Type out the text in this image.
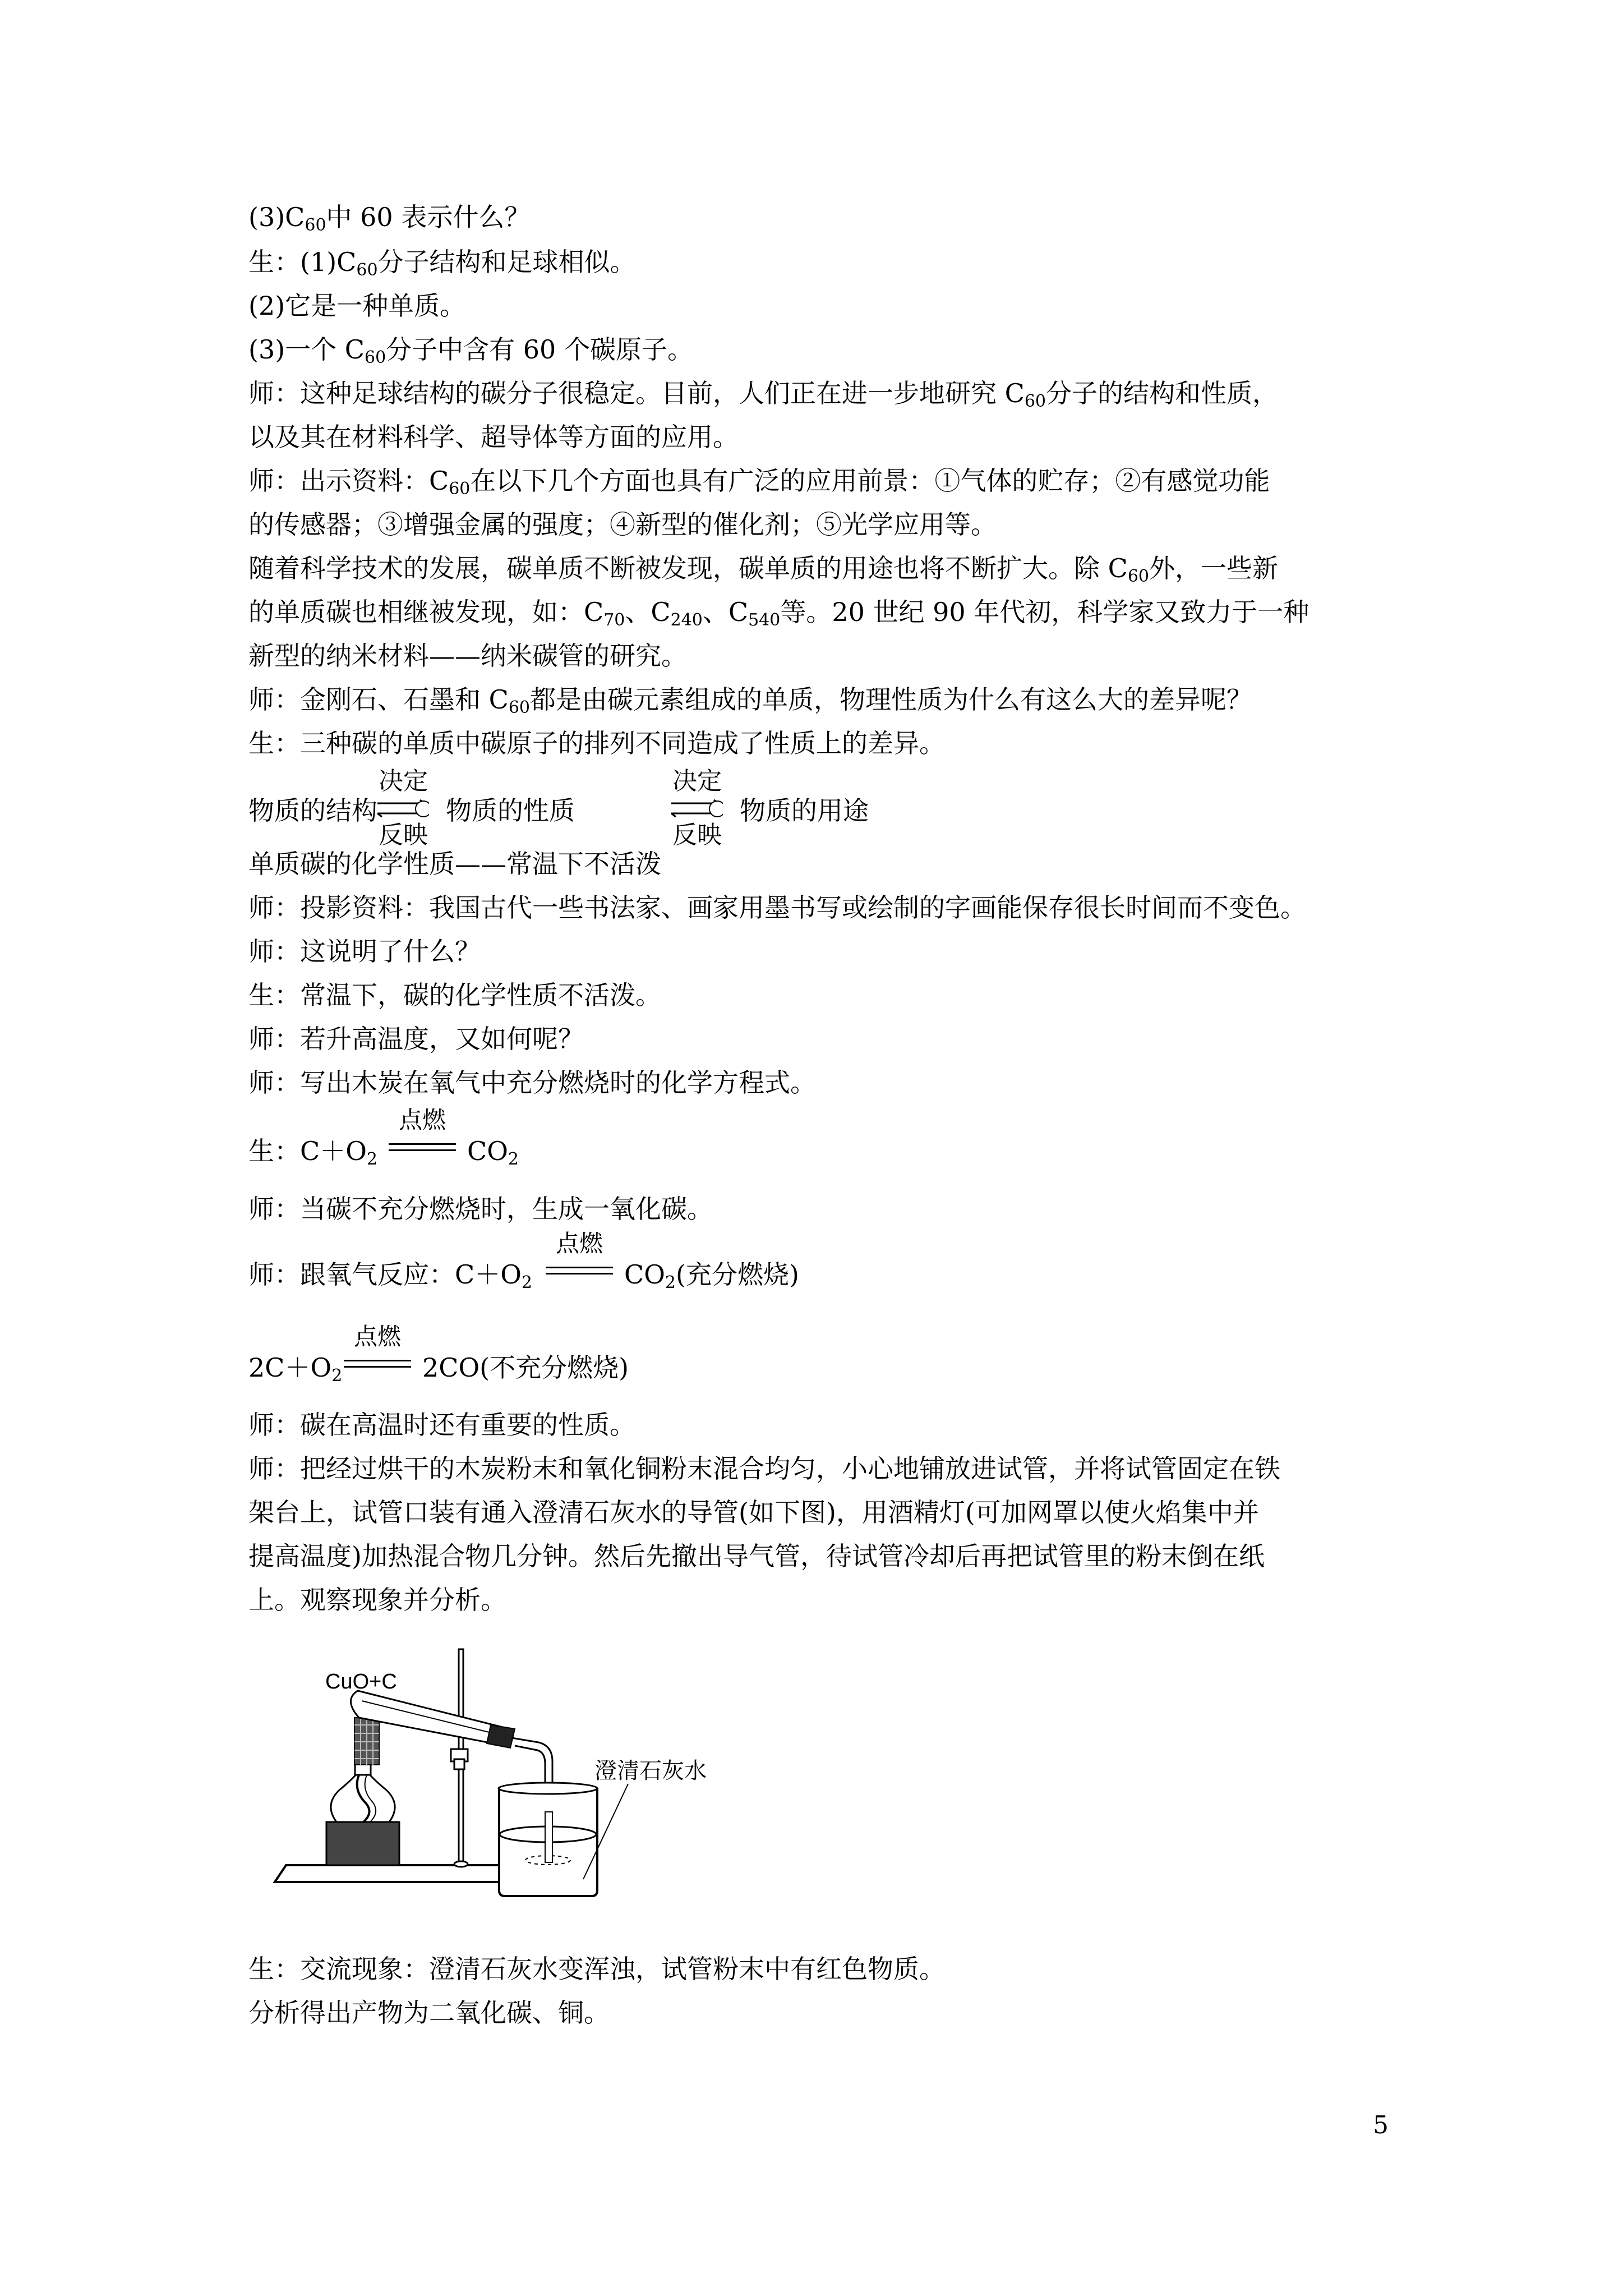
$(3)C_{60}$中 60 表示什么？
生：$(1)C_{60}$分子结构和足球相似。
(2)它是一种单质。
(3)一个 $C_{60}$分子中含有 60 个碳原子。
师：这种足球结构的碳分子很稳定。目前，人们正在进一步地研究 $C_{60}$分子的结构和性质，
以及其在材料科学、超导体等方面的应用。
师：出示资料：$C_{60}$在以下几个方面也具有广泛的应用前景：①气体的贮存；②有感觉功能
的传感器；③增强金属的强度；④新型的催化剂；⑤光学应用等。
随着科学技术的发展，碳单质不断被发现，碳单质的用途也将不断扩大。除 $C_{60}$外，一些新
的单质碳也相继被发现，如：$C_{70}$、$C_{240}$、$C_{540}$等。20 世纪 90 年代初，科学家又致力于一种
新型的纳米材料——纳米碳管的研究。
师：金刚石、石墨和 $C_{60}$都是由碳元素组成的单质，物理性质为什么有这么大的差异呢？
生：三种碳的单质中碳原子的排列不同造成了性质上的差异。
物质的结构
决定
反映
物质的性质
决定
反映
物质的用途
单质碳的化学性质——常温下不活泼
师：投影资料：我国古代一些书法家、画家用墨书写或绘制的字画能保存很长时间而不变色。
师：这说明了什么？
生：常温下，碳的化学性质不活泼。
师：若升高温度，又如何呢？
师：写出木炭在氧气中充分燃烧时的化学方程式。
生：$C+O_2$
点燃
$CO_2$
师：当碳不充分燃烧时，生成一氧化碳。
师：跟氧气反应：$C+O_2$
点燃
$CO_2$(充分燃烧)
$2C+O_2$
点燃
2CO(不充分燃烧)
师：碳在高温时还有重要的性质。
师：把经过烘干的木炭粉末和氧化铜粉末混合均匀，小心地铺放进试管，并将试管固定在铁
架台上，试管口装有通入澄清石灰水的导管(如下图)，用酒精灯(可加网罩以使火焰集中并
提高温度)加热混合物几分钟。然后先撤出导气管，待试管冷却后再把试管里的粉末倒在纸
上。观察现象并分析。
CuO+C
澄清石灰水
生：交流现象：澄清石灰水变浑浊，试管粉末中有红色物质。
分析得出产物为二氧化碳、铜。
5
